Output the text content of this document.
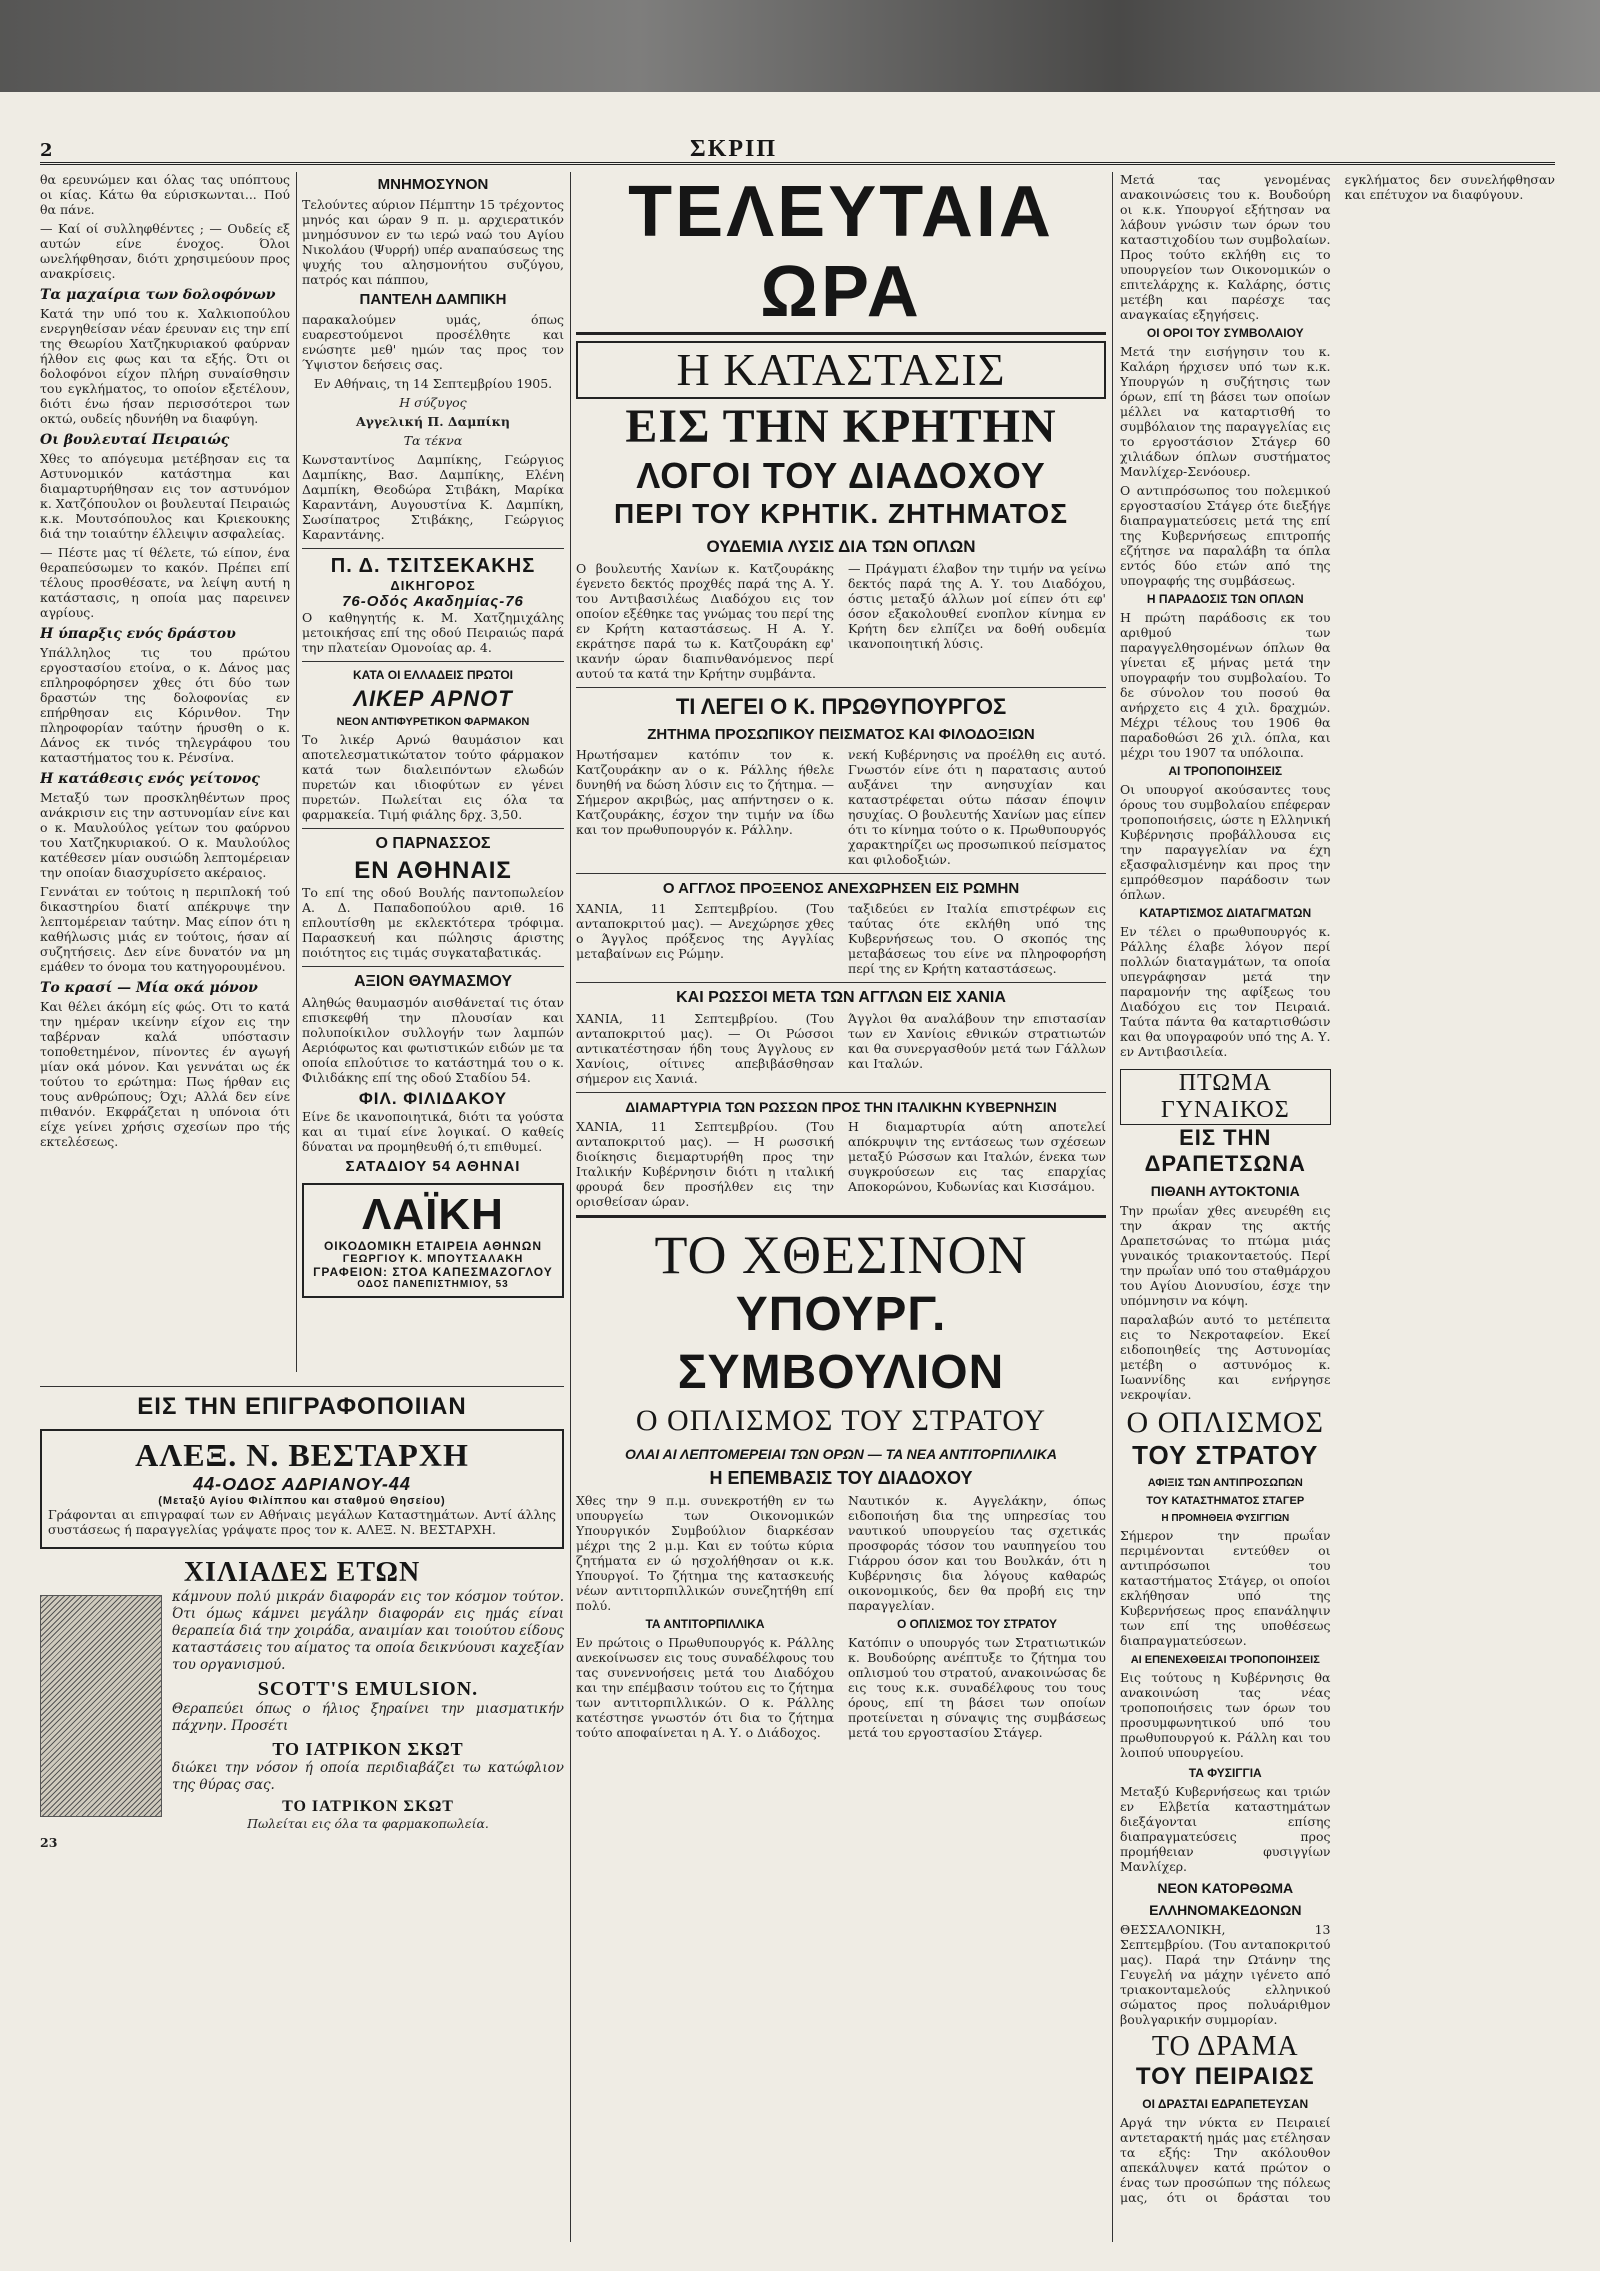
2	ΣΚΡΙΠ

θα ερευνώμεν και όλας τας υπόπτους οι κίας. Κάτω θα εύρισκωνται... Πού θα πάνε.

— Καί οί συλληφθέντες ; — Ουδείς εξ αυτών είνε ένοχος. Όλοι ωνελήφθησαν, διότι χρησιμεύουν προς ανακρίσεις.

Τα μαχαίρια των δολοφόνων

Κατά την υπό του κ. Χαλκιοπούλου ενεργηθείσαν νέαν έρευναν εις την επί της Θεωρίου Χατζηκυριακού φαύρναν ήλθον εις φως και τα εξής. Ότι οι δολοφόνοι είχον πλήρη συναίσθησιν του εγκλήματος, το οποίον εξετέλουν, διότι ένω ήσαν περισσότεροι των οκτώ, ουδείς ηδυνήθη να διαφύγη.

Οι βουλευταί Πειραιώς

Χθες το απόγευμα μετέβησαν εις τα Αστυνομικόν κατάστημα και διαμαρτυρήθησαν εις τον αστυνόμον κ. Χατζόπουλον οι βουλευταί Πειραιώς κ.κ. Μουτσόπουλος και Κριεκουκης διά την τοιαύτην έλλειψιν ασφαλείας.

— Πέστε μας τί θέλετε, τώ είπον, ένα θεραπεύσωμεν το κακόν. Πρέπει επί τέλους προσθέσατε, να λείψη αυτή η κατάστασις, η οποία μας παρεινεν αγρίους.

Η ύπαρξις ενός δράστου

Υπάλληλος τις του πρώτου εργοστασίου ετοίνα, ο κ. Δάνος μας επληροφόρησεν χθες ότι δύο των δραστών της δολοφονίας εν επήρθησαν εις Κόρινθον. Την πληροφορίαν ταύτην ήρυσθη ο κ. Δάνος εκ τινός τηλεγράφου του καταστήματος του κ. Ρένσίνα.

Η κατάθεσις ενός γείτονος

Μεταξύ των προσκληθέντων προς ανάκρισιν εις την αστυνομίαν είνε και ο κ. Μαυλούλος γείτων του φαύρνου του Χατζηκυριακού. Ο κ. Μαυλούλος κατέθεσεν μίαν ουσιώδη λεπτομέρειαν την οποίαν διασχυρίσετο ακέραιος.

Γεννάται εν τούτοις η περιπλοκή τού δικαστηρίου διατί απέκρυψε την λεπτομέρειαν ταύτην. Μας είπον ότι η καθήλωσις μιάς εν τούτοις, ήσαν αί συζητήσεις. Δεν είνε δυνατόν να μη εμάθεν το όνομα του κατηγορουμένου.

Το κρασί — Μία οκά μόνον

Και θέλει άκόμη είς φώς. Οτι το κατά την ημέραν ικείνην είχον εις την ταβέρναν καλά υπόστασιν τοποθετημένον, πίνοντες έν αγωγή μίαν οκά μόνον. Και γεννάται ως έκ τούτου το ερώτημα: Πως ήρθαν εις τους ανθρώπους; Όχι; Αλλά δεν είνε πιθανόν. Εκφράζεται η υπόνοια ότι είχε γείνει χρήσις σχεσίων προ τής εκτελέσεως.

ΜΝΗΜΟΣΥΝΟΝ

Τελούντες αύριον Πέμπτην 15 τρέχοντος μηνός και ώραν 9 π. μ. αρχιερατικόν μνημόσυνον εν τω ιερώ ναώ του Αγίου Νικολάου (Ψυρρή) υπέρ αναπαύσεως της ψυχής του αλησμονήτου συζύγου, πατρός και πάππου,

ΠΑΝΤΕΛΗ ΔΑΜΠΙΚΗ

παρακαλούμεν υμάς, όπως ευαρεστούμενοι προσέλθητε και ενώσητε μεθ' ημών τας προς τον Ύψιστον δεήσεις σας.

Εν Αθήναις, τη 14 Σεπτεμβρίου 1905.

Η σύζυγος

Αγγελική Π. Δαμπίκη

Τα τέκνα

Κωνσταντίνος Δαμπίκης, Γεώργιος Δαμπίκης, Βασ. Δαμπίκης, Ελένη Δαμπίκη, Θεοδώρα Στιβάκη, Μαρίκα Καραντάνη, Αυγουστίνα Κ. Δαμπίκη, Σωσίπατρος Στιβάκης, Γεώργιος Καραντάνης.

Π. Δ. ΤΣΙΤΣΕΚΑΚΗΣ
ΔΙΚΗΓΟΡΟΣ
76-Οδός Ακαδημίας-76

Ο καθηγητής κ. Μ. Χατζημιχάλης μετοικήσας επί της οδού Πειραιώς παρά την πλατείαν Ομονοίας αρ. 4.

ΚΑΤΑ ΟΙ ΕΛΛΑΔΕΙΣ ΠΡΩΤΟΙ
ΛΙΚΕΡ ΑΡΝΟΤ
ΝΕΟΝ ΑΝΤΙΦΥΡΕΤΙΚΟΝ ΦΑΡΜΑΚΟΝ

Το λικέρ Αρνώ θαυμάσιον και αποτελεσματικώτατον τούτο φάρμακον κατά των διαλειπόντων ελωδών πυρετών και ιδιοφύτων εν γένει πυρετών. Πωλείται εις όλα τα φαρμακεία. Τιμή φιάλης δρχ. 3,50.

Ο ΠΑΡΝΑΣΣΟΣ
ΕΝ ΑΘΗΝΑΙΣ

Το επί της οδού Βουλής παντοπωλείον Α. Δ. Παπαδοπούλου αριθ. 16 επλουτίσθη με εκλεκτότερα τρόφιμα. Παρασκευή και πώλησις άριστης ποιότητος εις τιμάς συγκαταβατικάς.

ΑΞΙΟΝ ΘΑΥΜΑΣΜΟΥ

Αληθώς θαυμασμόν αισθάνεταί τις όταν επισκεφθή την πλουσίαν και πολυποίκιλον συλλογήν των λαμπών Αεριόφωτος και φωτιστικών ειδών με τα οποία επλούτισε το κατάστημά του ο κ. Φιλιδάκης επί της οδού Σταδίου 54.

ΦΙΛ. ΦΙΛΙΔΑΚΟΥ

Είνε δε ικανοποιητικά, διότι τα γούστα και αι τιμαί είνε λογικαί. Ο καθείς δύναται να προμηθευθή ό,τι επιθυμεί.

ΣΑΤΑΔΙΟΥ 54 ΑΘΗΝΑΙ
ΛΑΪΚΗ
ΟΙΚΟΔΟΜΙΚΗ ΕΤΑΙΡΕΙΑ ΑΘΗΝΩΝ
ΓΕΩΡΓΙΟΥ Κ. ΜΠΟΥΤΣΑΛΑΚΗ
ΓΡΑΦΕΙΟΝ: ΣΤΟΑ ΚΑΠΕΣΜΑΖΟΓΛΟΥ
ΟΔΟΣ ΠΑΝΕΠΙΣΤΗΜΙΟΥ, 53
ΕΙΣ ΤΗΝ ΕΠΙΓΡΑΦΟΠΟΙΙΑΝ
ΑΛΕΞ. Ν. ΒΕΣΤΑΡΧΗ
44-ΟΔΟΣ ΑΔΡΙΑΝΟΥ-44
(Μεταξύ Αγίου Φιλίππου και σταθμού Θησείου)

Γράφονται αι επιγραφαί των εν Αθήναις μεγάλων Καταστημάτων. Αντί άλλης συστάσεως ή παραγγελίας γράψατε προς τον κ. ΑΛΕΞ. Ν. ΒΕΣΤΑΡΧΗ.

ΧΙΛΙΑΔΕΣ ΕΤΩΝ

κάμνουν πολύ μικράν διαφοράν εις τον κόσμον τούτον. Ότι όμως κάμνει μεγάλην διαφοράν εις ημάς είναι θεραπεία διά την χοιράδα, αναιμίαν και τοιούτου είδους καταστάσεις του αίματος τα οποία δεικνύουσι καχεξίαν του οργανισμού.

SCOTT'S EMULSION.

Θεραπεύει όπως ο ήλιος ξηραίνει την μιασματικήν πάχνην. Προσέτι

ΤΟ ΙΑΤΡΙΚΟΝ ΣΚΩΤ

διώκει την νόσον ή οποία περιδιαβάζει τω κατώφλιον της θύρας σας.

ΤΟ ΙΑΤΡΙΚΟΝ ΣΚΩΤ

Πωλείται εις όλα τα φαρμακοπωλεία.

23

ΤΕΛΕΥΤΑΙΑ ΩΡΑ
Η ΚΑΤΑΣΤΑΣΙΣ
ΕΙΣ ΤΗΝ ΚΡΗΤΗΝ
ΛΟΓΟΙ ΤΟΥ ΔΙΑΔΟΧΟΥ
ΠΕΡΙ ΤΟΥ ΚΡΗΤΙΚ. ΖΗΤΗΜΑΤΟΣ
ΟΥΔΕΜΙΑ ΛΥΣΙΣ ΔΙΑ ΤΩΝ ΟΠΛΩΝ

Ο βουλευτής Χανίων κ. Κατζουράκης έγενετο δεκτός προχθές παρά της Α. Υ. του Αντιβασιλέως Διαδόχου εις τον οποίον εξέθηκε τας γνώμας του περί της εν Κρήτη καταστάσεως. Η Α. Υ. εκράτησε παρά τω κ. Κατζουράκη εφ' ικανήν ώραν διαπινθανόμενος περί αυτού τα κατά την Κρήτην συμβάντα.

— Πράγματι έλαβον την τιμήν να γείνω δεκτός παρά της Α. Υ. του Διαδόχου, όστις μεταξύ άλλων μοί είπεν ότι εφ' όσον εξακολουθεί ενοπλον κίνημα εν Κρήτη δεν ελπίζει να δοθή ουδεμία ικανοποιητική λύσις.

ΤΙ ΛΕΓΕΙ Ο Κ. ΠΡΩΘΥΠΟΥΡΓΟΣ
ΖΗΤΗΜΑ ΠΡΟΣΩΠΙΚΟΥ ΠΕΙΣΜΑΤΟΣ ΚΑΙ ΦΙΛΟΔΟΞΙΩΝ

Ηρωτήσαμεν κατόπιν τον κ. Κατζουράκην αν ο κ. Ράλλης ήθελε δυνηθή να δώση λύσιν εις το ζήτημα. — Σήμερον ακριβώς, μας απήντησεν ο κ. Κατζουράκης, έσχον την τιμήν να ίδω και τον πρωθυπουργόν κ. Ράλλην.

νεκή Κυβέρνησις να προέλθη εις αυτό. Γνωστόν είνε ότι η παρατασις αυτού αυξάνει την ανησυχίαν και καταστρέφεται ούτω πάσαν έποψιν ησυχίας. Ο βουλευτής Χανίων μας είπεν ότι το κίνημα τούτο ο κ. Πρωθυπουργός χαρακτηρίζει ως προσωπικού πείσματος και φιλοδοξιών.

Ο ΑΓΓΛΟΣ ΠΡΟΞΕΝΟΣ ΑΝΕΧΩΡΗΣΕΝ ΕΙΣ ΡΩΜΗΝ

ΧΑΝΙΑ, 11 Σεπτεμβρίου. (Του ανταποκριτού μας). — Ανεχώρησε χθες ο Άγγλος πρόξενος της Αγγλίας μεταβαίνων εις Ρώμην.

ταξιδεύει εν Ιταλία επιστρέφων εις ταύτας ότε εκλήθη υπό της Κυβερνήσεως του. Ο σκοπός της μεταβάσεως του είνε να πληροφορήση περί της εν Κρήτη καταστάσεως.

ΚΑΙ ΡΩΣΣΟΙ ΜΕΤΑ ΤΩΝ ΑΓΓΛΩΝ ΕΙΣ ΧΑΝΙΑ

ΧΑΝΙΑ, 11 Σεπτεμβρίου. (Του ανταποκριτού μας). — Οι Ρώσσοι αντικατέστησαν ήδη τους Άγγλους εν Χανίοις, οίτινες απεβιβάσθησαν σήμερον εις Χανιά.

Άγγλοι θα αναλάβουν την επιστασίαν των εν Χανίοις εθνικών στρατιωτών και θα συνεργασθούν μετά των Γάλλων και Ιταλών.

ΔΙΑΜΑΡΤΥΡΙΑ ΤΩΝ ΡΩΣΣΩΝ ΠΡΟΣ ΤΗΝ ΙΤΑΛΙΚΗΝ ΚΥΒΕΡΝΗΣΙΝ

ΧΑΝΙΑ, 11 Σεπτεμβρίου. (Του ανταποκριτού μας). — Η ρωσσική διοίκησις διεμαρτυρήθη προς την Ιταλικήν Κυβέρνησιν διότι η ιταλική φρουρά δεν προσήλθεν εις την ορισθείσαν ώραν.

Η διαμαρτυρία αύτη αποτελεί απόκρυψιν της εντάσεως των σχέσεων μεταξύ Ρώσσων και Ιταλών, ένεκα των συγκρούσεων εις τας επαρχίας Αποκορώνου, Κυδωνίας και Κισσάμου.

ΤΟ ΧΘΕΣΙΝΟΝ
ΥΠΟΥΡΓ. ΣΥΜΒΟΥΛΙΟΝ
Ο ΟΠΛΙΣΜΟΣ ΤΟΥ ΣΤΡΑΤΟΥ
ΟΛΑΙ ΑΙ ΛΕΠΤΟΜΕΡΕΙΑΙ ΤΩΝ ΟΡΩΝ — ΤΑ ΝΕΑ ΑΝΤΙΤΟΡΠΙΛΛΙΚΑ
Η ΕΠΕΜΒΑΣΙΣ ΤΟΥ ΔΙΑΔΟΧΟΥ

Χθες την 9 π.μ. συνεκροτήθη εν τω υπουργείω των Οικονομικών Υπουργικόν Συμβούλιον διαρκέσαν μέχρι της 2 μ.μ. Και εν τούτω κύρια ζητήματα εν ώ ησχολήθησαν οι κ.κ. Υπουργοί. Το ζήτημα της κατασκευής νέων αντιτορπιλλικών συνεζητήθη επί πολύ.

ΤΑ ΑΝΤΙΤΟΡΠΙΛΛΙΚΑ

Εν πρώτοις ο Πρωθυπουργός κ. Ράλλης ανεκοίνωσεν εις τους συναδέλφους του τας συνεννοήσεις μετά του Διαδόχου και την επέμβασιν τούτου εις το ζήτημα των αντιτορπιλλικών. Ο κ. Ράλλης κατέστησε γνωστόν ότι δια το ζήτημα τούτο αποφαίνεται η Α. Υ. ο Διάδοχος.

Ναυτικόν κ. Αγγελάκην, όπως ειδοποιήση δια της υπηρεσίας του ναυτικού υπουργείου τας σχετικάς προσφοράς τόσον του ναυπηγείου του Γιάρρου όσον και του Βουλκάν, ότι η Κυβέρνησις δια λόγους καθαρώς οικονομικούς, δεν θα προβή εις την παραγγελίαν.

Ο ΟΠΛΙΣΜΟΣ ΤΟΥ ΣΤΡΑΤΟΥ

Κατόπιν ο υπουργός των Στρατιωτικών κ. Βουδούρης ανέπτυξε το ζήτημα του οπλισμού του στρατού, ανακοινώσας δε εις τους κ.κ. συναδέλφους του τους όρους, επί τη βάσει των οποίων προτείνεται η σύναψις της συμβάσεως μετά του εργοστασίου Στάγερ.

Μετά τας γενομένας ανακοινώσεις του κ. Βουδούρη οι κ.κ. Υπουργοί εξήτησαν να λάβουν γνώσιν των όρων του καταστιχοδίου των συμβολαίων. Προς τούτο εκλήθη εις το υπουργείον των Οικονομικών ο επιτελάρχης κ. Καλάρης, όστις μετέβη και παρέσχε τας αναγκαίας εξηγήσεις.

ΟΙ ΟΡΟΙ ΤΟΥ ΣΥΜΒΟΛΑΙΟΥ

Μετά την εισήγησιν του κ. Καλάρη ήρχισεν υπό των κ.κ. Υπουργών η συζήτησις των όρων, επί τη βάσει των οποίων μέλλει να καταρτισθή το συμβόλαιον της παραγγελίας εις το εργοστάσιον Στάγερ 60 χιλιάδων όπλων συστήματος Μανλίχερ-Σενόουερ.

Ο αντιπρόσωπος του πολεμικού εργοστασίου Στάγερ ότε διεξήγε διαπραγματεύσεις μετά της επί της Κυβερνήσεως επιτροπής εζήτησε να παραλάβη τα όπλα εντός δύο ετών από της υπογραφής της συμβάσεως.

Η ΠΑΡΑΔΟΣΙΣ ΤΩΝ ΟΠΛΩΝ

Η πρώτη παράδοσις εκ του αριθμού των παραγγελθησομένων όπλων θα γίνεται εξ μήνας μετά την υπογραφήν του συμβολαίου. Το δε σύνολον του ποσού θα ανήρχετο εις 4 χιλ. δραχμών. Μέχρι τέλους του 1906 θα παραδοθώσι 26 χιλ. όπλα, και μέχρι του 1907 τα υπόλοιπα.

ΑΙ ΤΡΟΠΟΠΟΙΗΣΕΙΣ

Οι υπουργοί ακούσαντες τους όρους του συμβολαίου επέφεραν τροποποιήσεις, ώστε η Ελληνική Κυβέρνησις προβάλλουσα εις την παραγγελίαν να έχη εξασφαλισμένην και προς την εμπρόθεσμον παράδοσιν των όπλων.

ΚΑΤΑΡΤΙΣΜΟΣ ΔΙΑΤΑΓΜΑΤΩΝ

Εν τέλει ο πρωθυπουργός κ. Ράλλης έλαβε λόγον περί πολλών διαταγμάτων, τα οποία υπεγράφησαν μετά την παραμονήν της αφίξεως του Διαδόχου εις τον Πειραιά. Ταύτα πάντα θα καταρτισθώσιν και θα υπογραφούν υπό της Α. Υ. εν Αντιβασιλεία.

ΠΤΩΜΑ ΓΥΝΑΙΚΟΣ
ΕΙΣ ΤΗΝ ΔΡΑΠΕΤΣΩΝΑ
ΠΙΘΑΝΗ ΑΥΤΟΚΤΟΝΙΑ

Την πρωΐαν χθες ανευρέθη εις την άκραν της ακτής Δραπετσώνας το πτώμα μιάς γυναικός τριακονταετούς. Περί την πρωΐαν υπό του σταθμάρχου του Αγίου Διονυσίου, έσχε την υπόμνησιν να κόψη.

παραλαβών αυτό το μετέπειτα εις το Νεκροταφείον. Εκεί ειδοποιηθείς της Αστυνομίας μετέβη ο αστυνόμος κ. Ιωαννίδης και ενήργησε νεκροψίαν.

Ο ΟΠΛΙΣΜΟΣ
ΤΟΥ ΣΤΡΑΤΟΥ
ΑΦΙΞΙΣ ΤΩΝ ΑΝΤΙΠΡΟΣΩΠΩΝ
ΤΟΥ ΚΑΤΑΣΤΗΜΑΤΟΣ ΣΤΑΓΕΡ
Η ΠΡΟΜΗΘΕΙΑ ΦΥΣΙΓΓΙΩΝ

Σήμερον την πρωΐαν περιμένονται εντεύθεν οι αντιπρόσωποι του καταστήματος Στάγερ, οι οποίοι εκλήθησαν υπό της Κυβερνήσεως προς επανάληψιν των επί της υποθέσεως διαπραγματεύσεων.

ΑΙ ΕΠΕΝΕΧΘΕΙΣΑΙ ΤΡΟΠΟΠΟΙΗΣΕΙΣ

Εις τούτους η Κυβέρνησις θα ανακοινώση τας νέας τροποποιήσεις των όρων του προσυμφωνητικού υπό του πρωθυπουργού κ. Ράλλη και του λοιπού υπουργείου.

ΤΑ ΦΥΣΙΓΓΙΑ

Μεταξύ Κυβερνήσεως και τριών εν Ελβετία καταστημάτων διεξάγονται επίσης διαπραγματεύσεις προς προμήθειαν φυσιγγίων Μανλίχερ.

ΝΕΟΝ ΚΑΤΟΡΘΩΜΑ
ΕΛΛΗΝΟΜΑΚΕΔΟΝΩΝ

ΘΕΣΣΑΛΟΝΙΚΗ, 13 Σεπτεμβρίου. (Του ανταποκριτού μας). Παρά την Ωτάνην της Γευγελή να μάχην ιγένετο από τριακονταμελούς ελληνικού σώματος προς πολυάριθμον βουλγαρικήν συμμορίαν.

ΤΟ ΔΡΑΜΑ
ΤΟΥ ΠΕΙΡΑΙΩΣ
ΟΙ ΔΡΑΣΤΑΙ ΕΔΡΑΠΕΤΕΥΣΑΝ

Αργά την νύκτα εν Πειραιεί αντεταρακτή ημάς μας ετέλησαν τα εξής: Την ακόλουθον απεκάλυψεν κατά πρώτον ο ένας των προσώπων της πόλεως μας, ότι οι δράσται του εγκλήματος δεν συνελήφθησαν και επέτυχον να διαφύγουν.
